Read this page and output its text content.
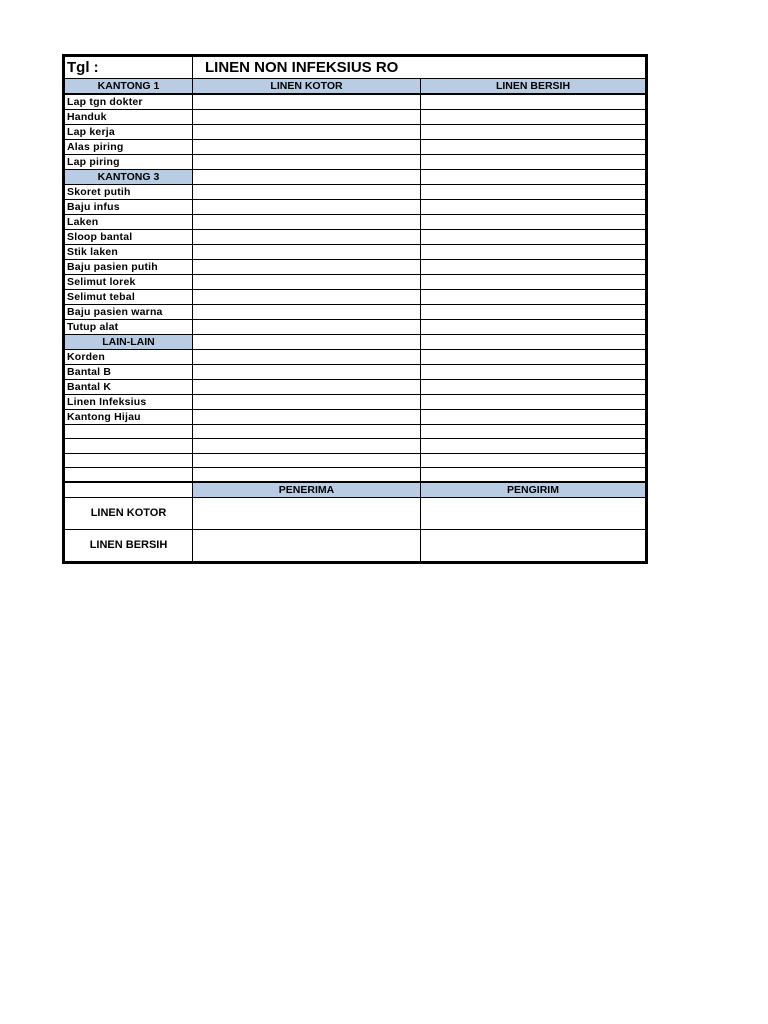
Tgl :	LINEN NON INFEKSIUS RO	
KANTONG 1	LINEN KOTOR	LINEN BERSIH
Lap tgn dokter		
Handuk		
Lap kerja		
Alas piring		
Lap piring		
KANTONG 3		
Skoret putih		
Baju infus		
Laken		
Sloop bantal		
Stik laken		
Baju pasien putih		
Selimut lorek		
Selimut tebal		
Baju pasien warna		
Tutup alat		
LAIN-LAIN		
Korden		
Bantal B		
Bantal K		
Linen Infeksius		
Kantong Hijau		

	PENERIMA	PENGIRIM
LINEN KOTOR		
LINEN BERSIH		
